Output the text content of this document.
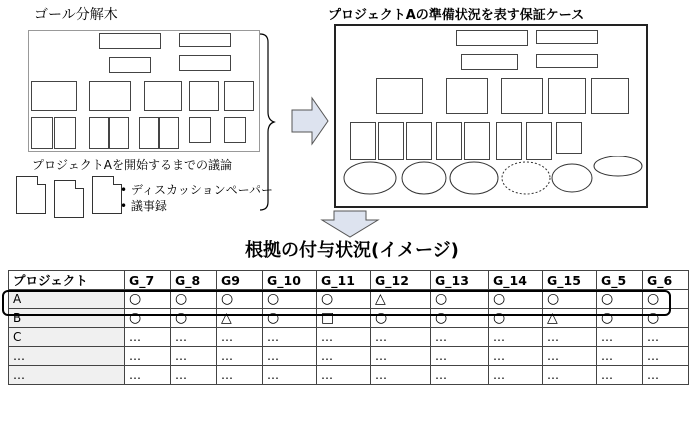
ゴール分解木	プロジェクトAの準備状況を表す保証ケース
プロジェクトAを開始するまでの議論
• ディスカッションペーパー
• 議事録
根拠の付与状況(イメージ)
プロジェクト	G_7	G_8	G9	G_10	G_11	G_12	G_13	G_14	G_15	G_5	G_6
A	○	○	○	○	○	△	○	○	○	○	○
B	○	○	△	○	□	○	○	○	△	○	○
C	…	…	…	…	…	…	…	…	…	…	…
…	…	…	…	…	…	…	…	…	…	…	…
…	…	…	…	…	…	…	…	…	…	…	…
